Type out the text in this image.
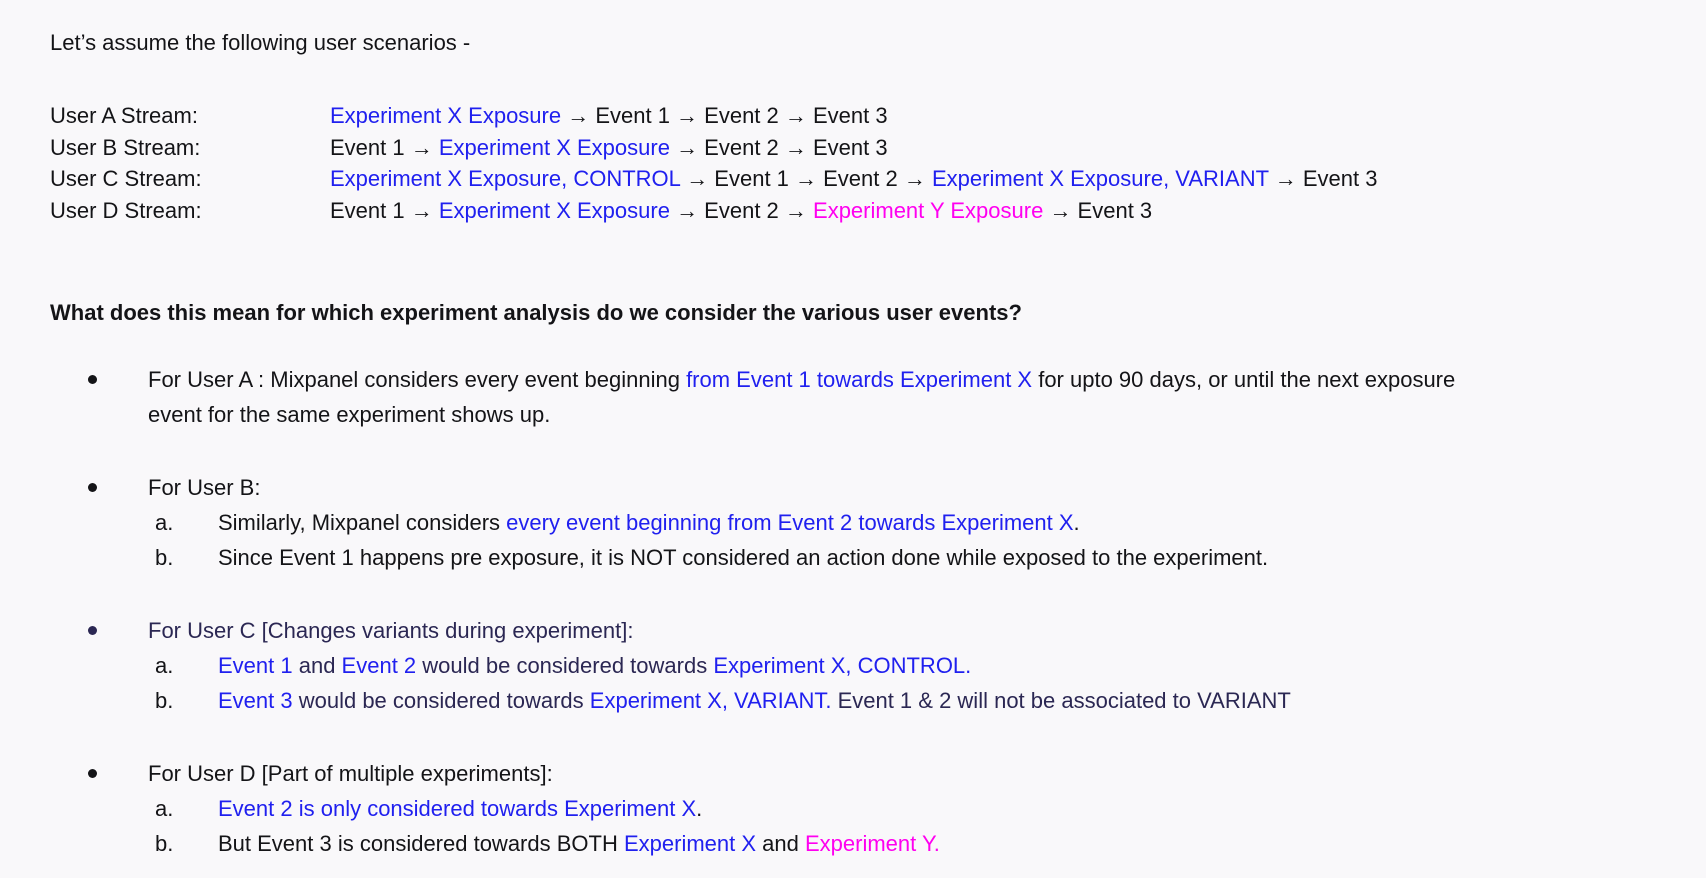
Let’s assume the following user scenarios -

User A Stream:	Experiment X Exposure → Event 1 → Event 2 → Event 3
User B Stream:	Event 1 → Experiment X Exposure → Event 2 → Event 3
User C Stream:	Experiment X Exposure, CONTROL → Event 1 → Event 2 → Experiment X Exposure, VARIANT → Event 3
User D Stream:	Event 1 → Experiment X Exposure → Event 2 → Experiment Y Exposure → Event 3

What does this mean for which experiment analysis do we consider the various user events?

For User A : Mixpanel considers every event beginning from Event 1 towards Experiment X for upto 90 days, or until the next exposure event for the same experiment shows up.
For User B:
a.	Similarly, Mixpanel considers every event beginning from Event 2 towards Experiment X.
b.	Since Event 1 happens pre exposure, it is NOT considered an action done while exposed to the experiment.
For User C [Changes variants during experiment]:
a.	Event 1 and Event 2 would be considered towards Experiment X, CONTROL.
b.	Event 3 would be considered towards Experiment X, VARIANT. Event 1 & 2 will not be associated to VARIANT
For User D [Part of multiple experiments]:
a.	Event 2 is only considered towards Experiment X.
b.	But Event 3 is considered towards BOTH Experiment X and Experiment Y.
